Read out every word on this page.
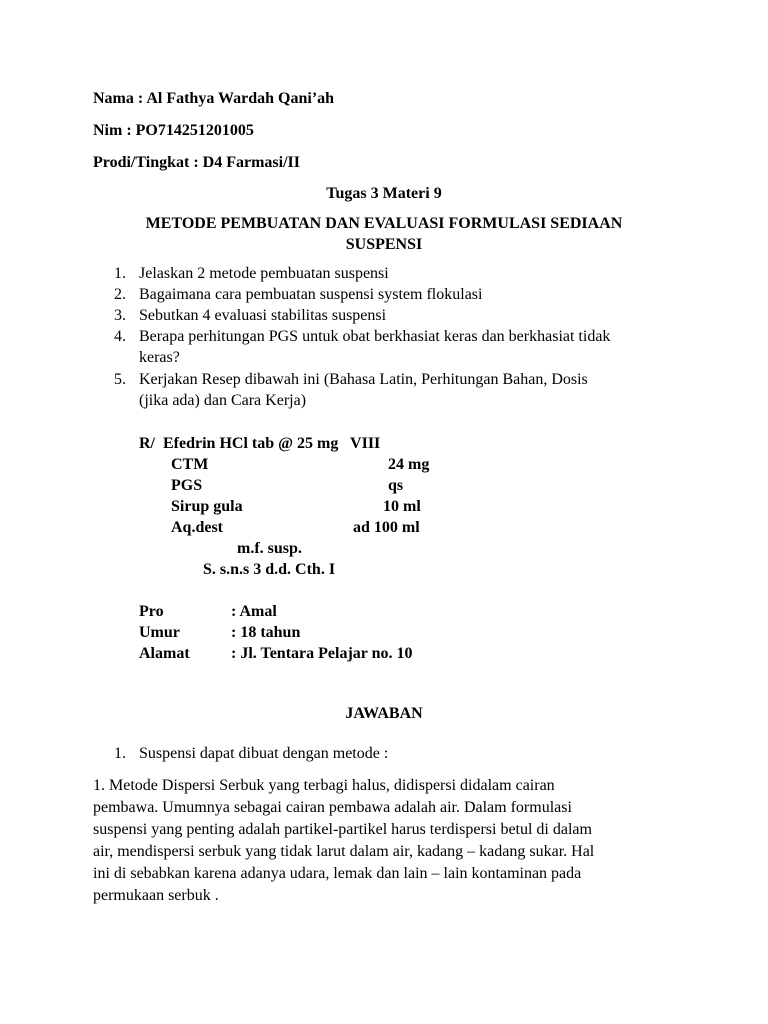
Nama : Al Fathya Wardah Qani’ah
Nim : PO714251201005
Prodi/Tingkat : D4 Farmasi/II
Tugas 3 Materi 9
METODE PEMBUATAN DAN EVALUASI FORMULASI SEDIAAN
SUSPENSI
1. Jelaskan 2 metode pembuatan suspensi
2. Bagaimana cara pembuatan suspensi system flokulasi
3. Sebutkan 4 evaluasi stabilitas suspensi
4. Berapa perhitungan PGS untuk obat berkhasiat keras dan berkhasiat tidak
keras?
5. Kerjakan Resep dibawah ini (Bahasa Latin, Perhitungan Bahan, Dosis
(jika ada) dan Cara Kerja)
R/  Efedrin HCl tab @ 25 mg   VIII
CTM	24 mg
PGS	qs
Sirup gula	10 ml
Aq.dest	ad 100 ml
m.f. susp.
S. s.n.s 3 d.d. Cth. I
Pro	: Amal
Umur	: 18 tahun
Alamat	: Jl. Tentara Pelajar no. 10
JAWABAN
1. Suspensi dapat dibuat dengan metode :
1. Metode Dispersi Serbuk yang terbagi halus, didispersi didalam cairan
pembawa. Umumnya sebagai cairan pembawa adalah air. Dalam formulasi
suspensi yang penting adalah partikel-partikel harus terdispersi betul di dalam
air, mendispersi serbuk yang tidak larut dalam air, kadang – kadang sukar. Hal
ini di sebabkan karena adanya udara, lemak dan lain – lain kontaminan pada
permukaan serbuk .
